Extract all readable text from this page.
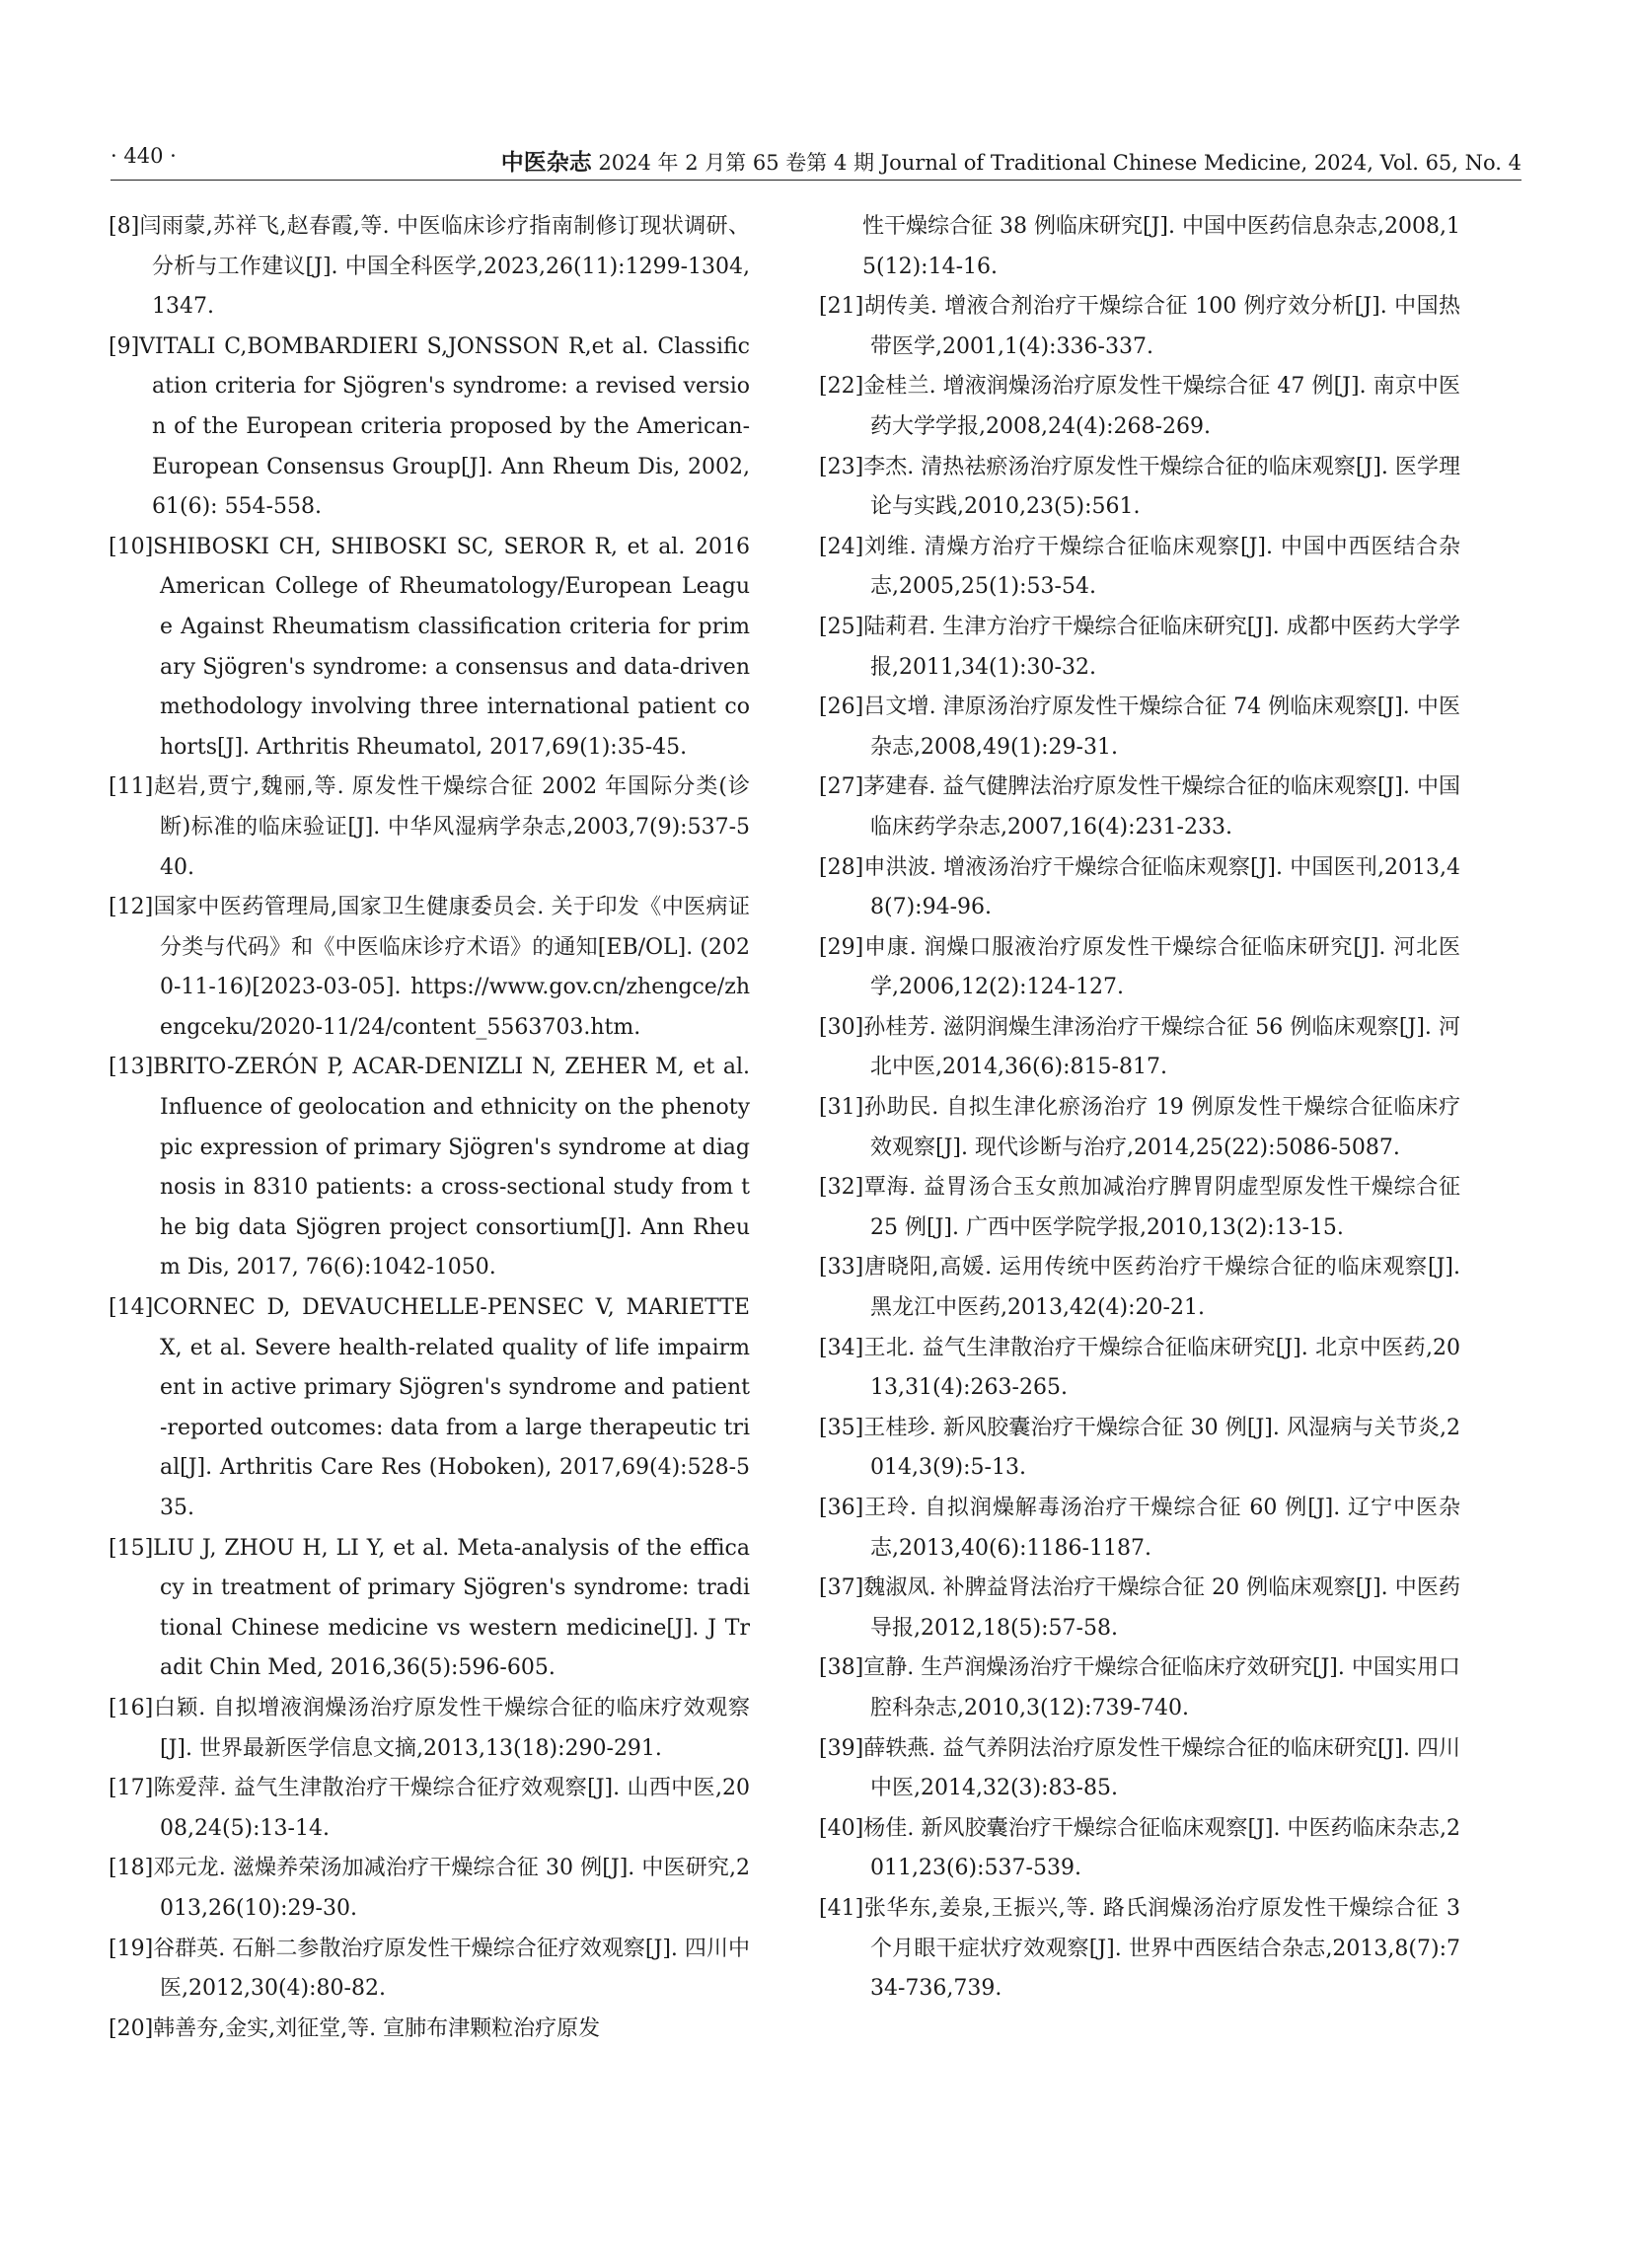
· 440 ·	中医杂志 2024 年 2 月第 65 卷第 4 期 Journal of Traditional Chinese Medicine, 2024, Vol. 65, No. 4
[8]闫雨蒙,苏祥飞,赵春霞,等. 中医临床诊疗指南制修订现状调研、分析与工作建议[J]. 中国全科医学,2023,26(11):1299-1304,1347.
[9]VITALI C,BOMBARDIERI S,JONSSON R,et al. Classification criteria for Sjögren's syndrome: a revised version of the European criteria proposed by the American-European Consensus Group[J]. Ann Rheum Dis, 2002, 61(6): 554-558.
[10]SHIBOSKI CH, SHIBOSKI SC, SEROR R, et al. 2016 American College of Rheumatology/European League Against Rheumatism classification criteria for primary Sjögren's syndrome: a consensus and data-driven methodology involving three international patient cohorts[J]. Arthritis Rheumatol, 2017,69(1):35-45.
[11]赵岩,贾宁,魏丽,等. 原发性干燥综合征 2002 年国际分类(诊断)标准的临床验证[J]. 中华风湿病学杂志,2003,7(9):537-540.
[12]国家中医药管理局,国家卫生健康委员会. 关于印发《中医病证分类与代码》和《中医临床诊疗术语》的通知[EB/OL]. (2020-11-16)[2023-03-05]. https://www.gov.cn/zhengce/zhengceku/2020-11/24/content_5563703.htm.
[13]BRITO-ZERÓN P, ACAR-DENIZLI N, ZEHER M, et al. Influence of geolocation and ethnicity on the phenotypic expression of primary Sjögren's syndrome at diagnosis in 8310 patients: a cross-sectional study from the big data Sjögren project consortium[J]. Ann Rheum Dis, 2017, 76(6):1042-1050.
[14]CORNEC D, DEVAUCHELLE-PENSEC V, MARIETTE X, et al. Severe health-related quality of life impairment in active primary Sjögren's syndrome and patient-reported outcomes: data from a large therapeutic trial[J]. Arthritis Care Res (Hoboken), 2017,69(4):528-535.
[15]LIU J, ZHOU H, LI Y, et al. Meta-analysis of the efficacy in treatment of primary Sjögren's syndrome: traditional Chinese medicine vs western medicine[J]. J Tradit Chin Med, 2016,36(5):596-605.
[16]白颖. 自拟增液润燥汤治疗原发性干燥综合征的临床疗效观察[J]. 世界最新医学信息文摘,2013,13(18):290-291.
[17]陈爱萍. 益气生津散治疗干燥综合征疗效观察[J]. 山西中医,2008,24(5):13-14.
[18]邓元龙. 滋燥养荣汤加减治疗干燥综合征 30 例[J]. 中医研究,2013,26(10):29-30.
[19]谷群英. 石斛二参散治疗原发性干燥综合征疗效观察[J]. 四川中医,2012,30(4):80-82.
[20]韩善夯,金实,刘征堂,等. 宣肺布津颗粒治疗原发
性干燥综合征 38 例临床研究[J]. 中国中医药信息杂志,2008,15(12):14-16.
[21]胡传美. 增液合剂治疗干燥综合征 100 例疗效分析[J]. 中国热带医学,2001,1(4):336-337.
[22]金桂兰. 增液润燥汤治疗原发性干燥综合征 47 例[J]. 南京中医药大学学报,2008,24(4):268-269.
[23]李杰. 清热祛瘀汤治疗原发性干燥综合征的临床观察[J]. 医学理论与实践,2010,23(5):561.
[24]刘维. 清燥方治疗干燥综合征临床观察[J]. 中国中西医结合杂志,2005,25(1):53-54.
[25]陆莉君. 生津方治疗干燥综合征临床研究[J]. 成都中医药大学学报,2011,34(1):30-32.
[26]吕文增. 津原汤治疗原发性干燥综合征 74 例临床观察[J]. 中医杂志,2008,49(1):29-31.
[27]茅建春. 益气健脾法治疗原发性干燥综合征的临床观察[J]. 中国临床药学杂志,2007,16(4):231-233.
[28]申洪波. 增液汤治疗干燥综合征临床观察[J]. 中国医刊,2013,48(7):94-96.
[29]申康. 润燥口服液治疗原发性干燥综合征临床研究[J]. 河北医学,2006,12(2):124-127.
[30]孙桂芳. 滋阴润燥生津汤治疗干燥综合征 56 例临床观察[J]. 河北中医,2014,36(6):815-817.
[31]孙助民. 自拟生津化瘀汤治疗 19 例原发性干燥综合征临床疗效观察[J]. 现代诊断与治疗,2014,25(22):5086-5087.
[32]覃海. 益胃汤合玉女煎加减治疗脾胃阴虚型原发性干燥综合征 25 例[J]. 广西中医学院学报,2010,13(2):13-15.
[33]唐晓阳,高媛. 运用传统中医药治疗干燥综合征的临床观察[J]. 黑龙江中医药,2013,42(4):20-21.
[34]王北. 益气生津散治疗干燥综合征临床研究[J]. 北京中医药,2013,31(4):263-265.
[35]王桂珍. 新风胶囊治疗干燥综合征 30 例[J]. 风湿病与关节炎,2014,3(9):5-13.
[36]王玲. 自拟润燥解毒汤治疗干燥综合征 60 例[J]. 辽宁中医杂志,2013,40(6):1186-1187.
[37]魏淑凤. 补脾益肾法治疗干燥综合征 20 例临床观察[J]. 中医药导报,2012,18(5):57-58.
[38]宣静. 生芦润燥汤治疗干燥综合征临床疗效研究[J]. 中国实用口腔科杂志,2010,3(12):739-740.
[39]薛轶燕. 益气养阴法治疗原发性干燥综合征的临床研究[J]. 四川中医,2014,32(3):83-85.
[40]杨佳. 新风胶囊治疗干燥综合征临床观察[J]. 中医药临床杂志,2011,23(6):537-539.
[41]张华东,姜泉,王振兴,等. 路氏润燥汤治疗原发性干燥综合征 3 个月眼干症状疗效观察[J]. 世界中西医结合杂志,2013,8(7):734-736,739.
